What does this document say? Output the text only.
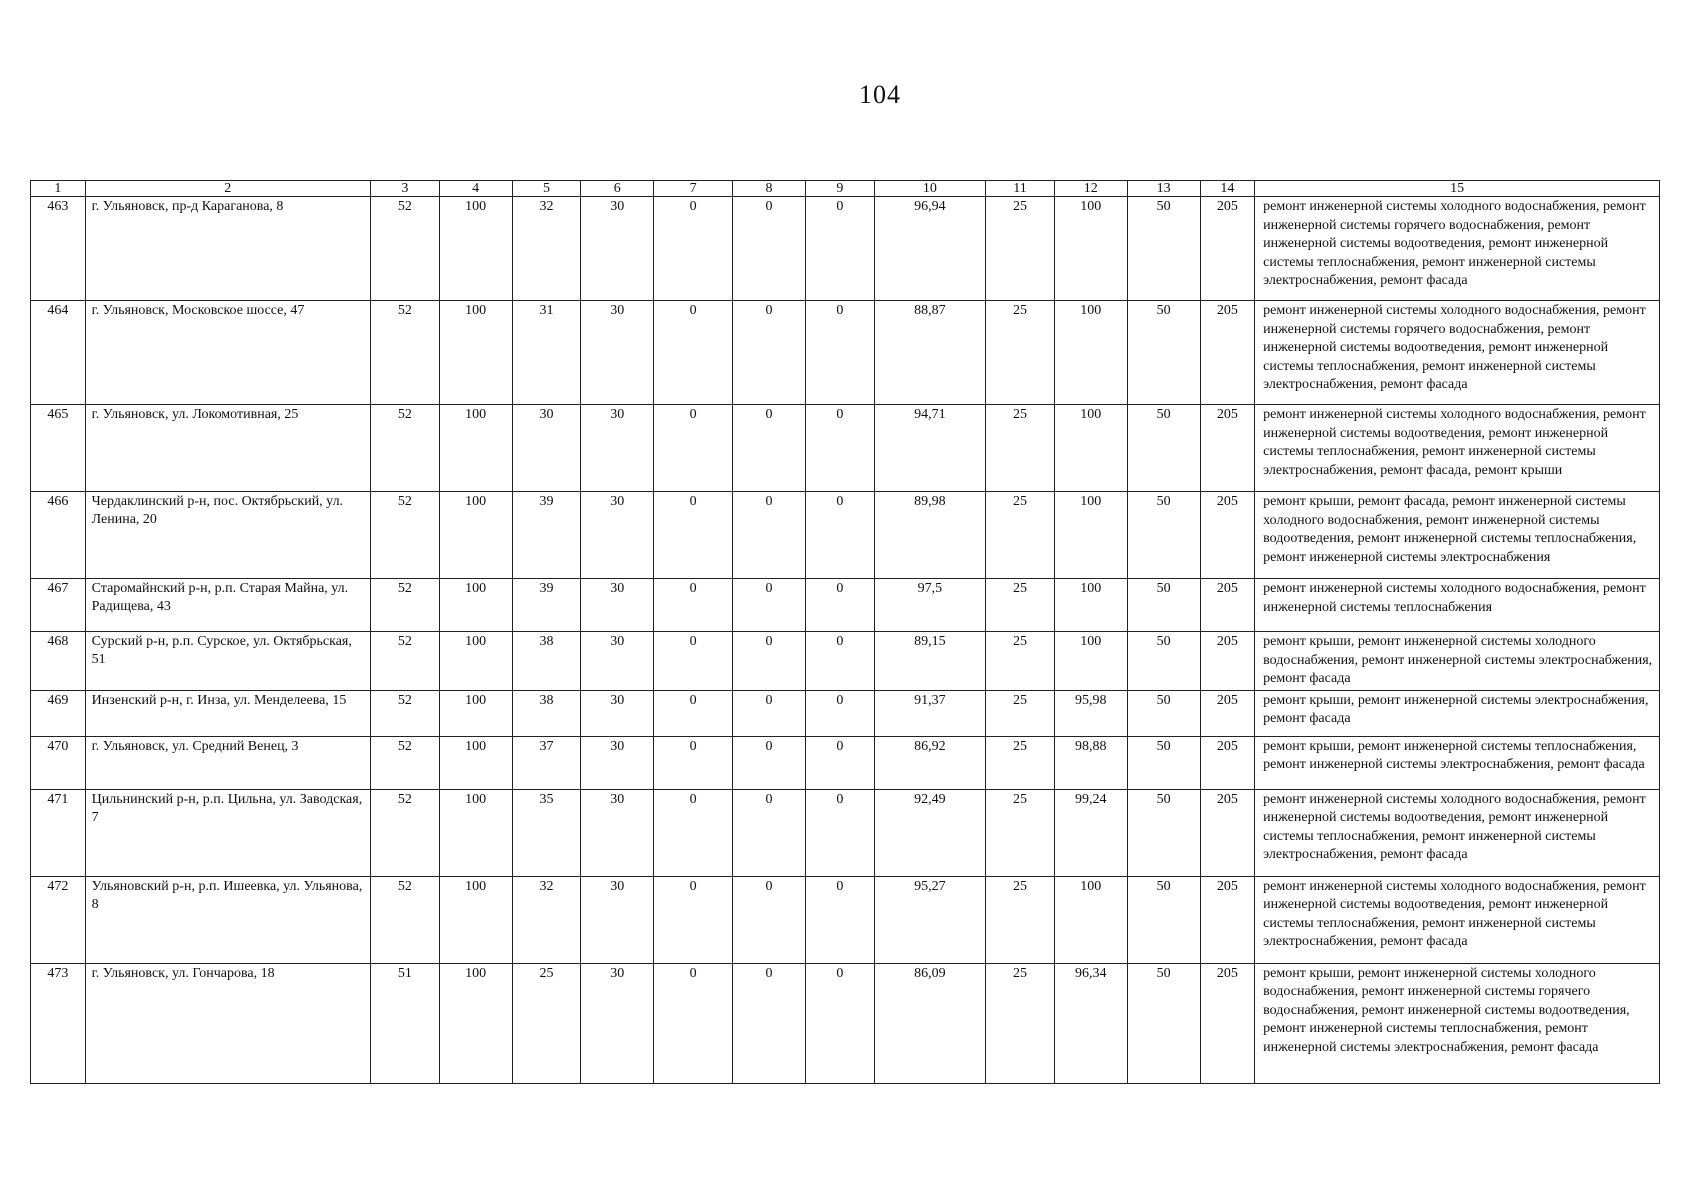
104
1	2	3	4	5	6	7	8	9	10	11	12	13	14	15
463	г. Ульяновск, пр-д Караганова, 8	52	100	32	30	0	0	0	96,94	25	100	50	205	ремонт инженерной системы холодного водоснабжения, ремонт инженерной системы горячего водоснабжения, ремонт инженерной системы водоотведения, ремонт инженерной системы теплоснабжения, ремонт инженерной системы электроснабжения, ремонт фасада
464	г. Ульяновск, Московское шоссе, 47	52	100	31	30	0	0	0	88,87	25	100	50	205	ремонт инженерной системы холодного водоснабжения, ремонт инженерной системы горячего водоснабжения, ремонт инженерной системы водоотведения, ремонт инженерной системы теплоснабжения, ремонт инженерной системы электроснабжения, ремонт фасада
465	г. Ульяновск, ул. Локомотивная, 25	52	100	30	30	0	0	0	94,71	25	100	50	205	ремонт инженерной системы холодного водоснабжения, ремонт инженерной системы водоотведения, ремонт инженерной системы теплоснабжения, ремонт инженерной системы электроснабжения, ремонт фасада, ремонт крыши
466	Чердаклинский р-н, пос. Октябрьский, ул. Ленина, 20	52	100	39	30	0	0	0	89,98	25	100	50	205	ремонт крыши, ремонт фасада, ремонт инженерной системы холодного водоснабжения, ремонт инженерной системы водоотведения, ремонт инженерной системы теплоснабжения, ремонт инженерной системы электроснабжения
467	Старомайнский р-н, р.п. Старая Майна, ул. Радищева, 43	52	100	39	30	0	0	0	97,5	25	100	50	205	ремонт инженерной системы холодного водоснабжения, ремонт инженерной системы теплоснабжения
468	Сурский р-н, р.п. Сурское, ул. Октябрьская, 51	52	100	38	30	0	0	0	89,15	25	100	50	205	ремонт крыши, ремонт инженерной системы холодного водоснабжения, ремонт инженерной системы электроснабжения, ремонт фасада
469	Инзенский р-н, г. Инза, ул. Менделеева, 15	52	100	38	30	0	0	0	91,37	25	95,98	50	205	ремонт крыши, ремонт инженерной системы электроснабжения, ремонт фасада
470	г. Ульяновск, ул. Средний Венец, 3	52	100	37	30	0	0	0	86,92	25	98,88	50	205	ремонт крыши, ремонт инженерной системы теплоснабжения, ремонт инженерной системы электроснабжения, ремонт фасада
471	Цильнинский р-н, р.п. Цильна, ул. Заводская, 7	52	100	35	30	0	0	0	92,49	25	99,24	50	205	ремонт инженерной системы холодного водоснабжения, ремонт инженерной системы водоотведения, ремонт инженерной системы теплоснабжения, ремонт инженерной системы электроснабжения, ремонт фасада
472	Ульяновский р-н, р.п. Ишеевка, ул. Ульянова, 8	52	100	32	30	0	0	0	95,27	25	100	50	205	ремонт инженерной системы холодного водоснабжения, ремонт инженерной системы водоотведения, ремонт инженерной системы теплоснабжения, ремонт инженерной системы электроснабжения, ремонт фасада
473	г. Ульяновск, ул. Гончарова, 18	51	100	25	30	0	0	0	86,09	25	96,34	50	205	ремонт крыши, ремонт инженерной системы холодного водоснабжения, ремонт инженерной системы горячего водоснабжения, ремонт инженерной системы водоотведения, ремонт инженерной системы теплоснабжения, ремонт инженерной системы электроснабжения, ремонт фасада
